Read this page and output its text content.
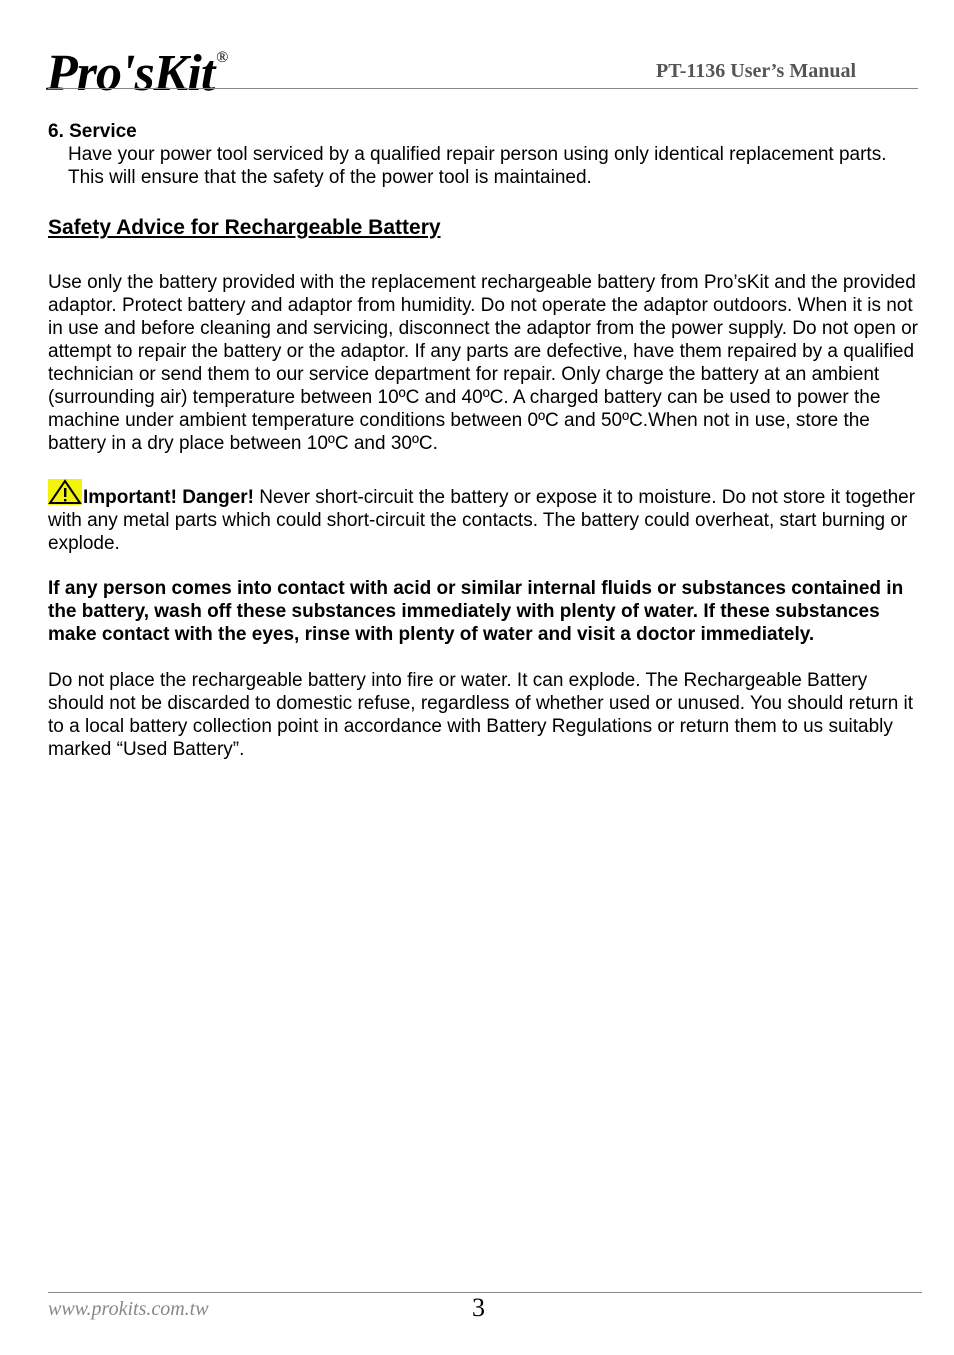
Pro'sKit ®
PT-1136 User’s Manual

6. Service

Have your power tool serviced by a qualified repair person using only identical replacement parts. This will ensure that the safety of the power tool is maintained.

Safety Advice for Rechargeable Battery

Use only the battery provided with the replacement rechargeable battery from Pro’sKit and the provided adaptor. Protect battery and adaptor from humidity. Do not operate the adaptor outdoors. When it is not in use and before cleaning and servicing, disconnect the adaptor from the power supply. Do not open or attempt to repair the battery or the adaptor. If any parts are defective, have them repaired by a qualified technician or send them to our service department for repair. Only charge the battery at an ambient (surrounding air) temperature between 10ºC and 40ºC. A charged battery can be used to power the machine under ambient temperature conditions between 0ºC and 50ºC.When not in use, store the battery in a dry place between 10ºC and 30ºC.

Important! Danger! Never short-circuit the battery or expose it to moisture. Do not store it together with any metal parts which could short-circuit the contacts. The battery could overheat, start burning or explode.

If any person comes into contact with acid or similar internal fluids or substances contained in the battery, wash off these substances immediately with plenty of water. If these substances make contact with the eyes, rinse with plenty of water and visit a doctor immediately.

Do not place the rechargeable battery into fire or water. It can explode. The Rechargeable Battery should not be discarded to domestic refuse, regardless of whether used or unused. You should return it to a local battery collection point in accordance with Battery Regulations or return them to us suitably marked “Used Battery”.

www.prokits.com.tw	3
